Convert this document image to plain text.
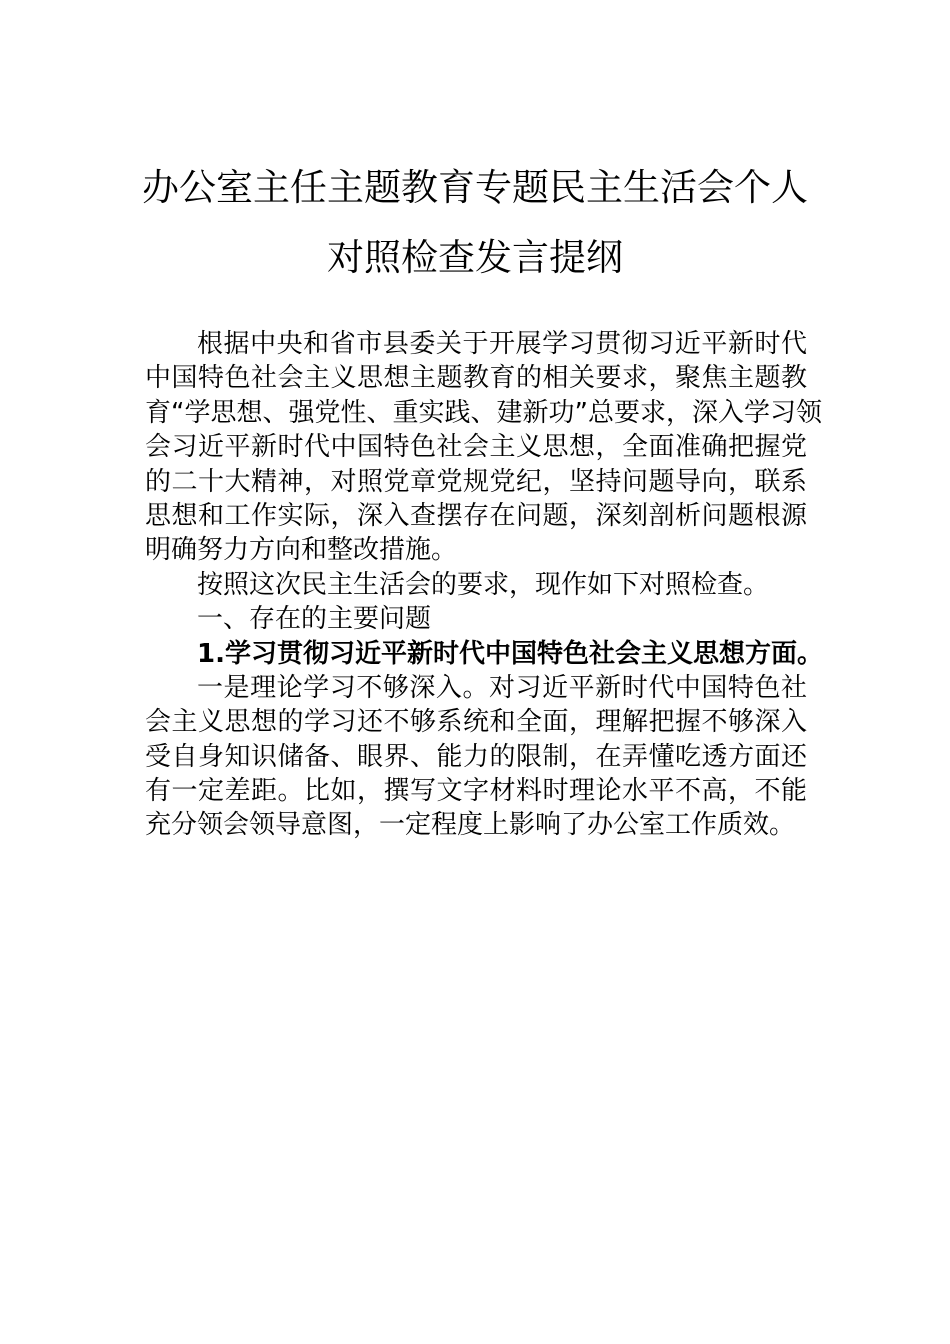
办公室主任主题教育专题民主生活会个人
对照检查发言提纲
根据中央和省市县委关于开展学习贯彻习近平新时代
中国特色社会主义思想主题教育的相关要求，聚焦主题教
育“学思想、强党性、重实践、建新功”总要求，深入学习领
会习近平新时代中国特色社会主义思想，全面准确把握党
的二十大精神，对照党章党规党纪，坚持问题导向，联系
思想和工作实际，深入查摆存在问题，深刻剖析问题根源
明确努力方向和整改措施。
按照这次民主生活会的要求，现作如下对照检查。
一、存在的主要问题
1.学习贯彻习近平新时代中国特色社会主义思想方面。
一是理论学习不够深入。对习近平新时代中国特色社
会主义思想的学习还不够系统和全面，理解把握不够深入
受自身知识储备、眼界、能力的限制，在弄懂吃透方面还
有一定差距。比如，撰写文字材料时理论水平不高，不能
充分领会领导意图，一定程度上影响了办公室工作质效。
